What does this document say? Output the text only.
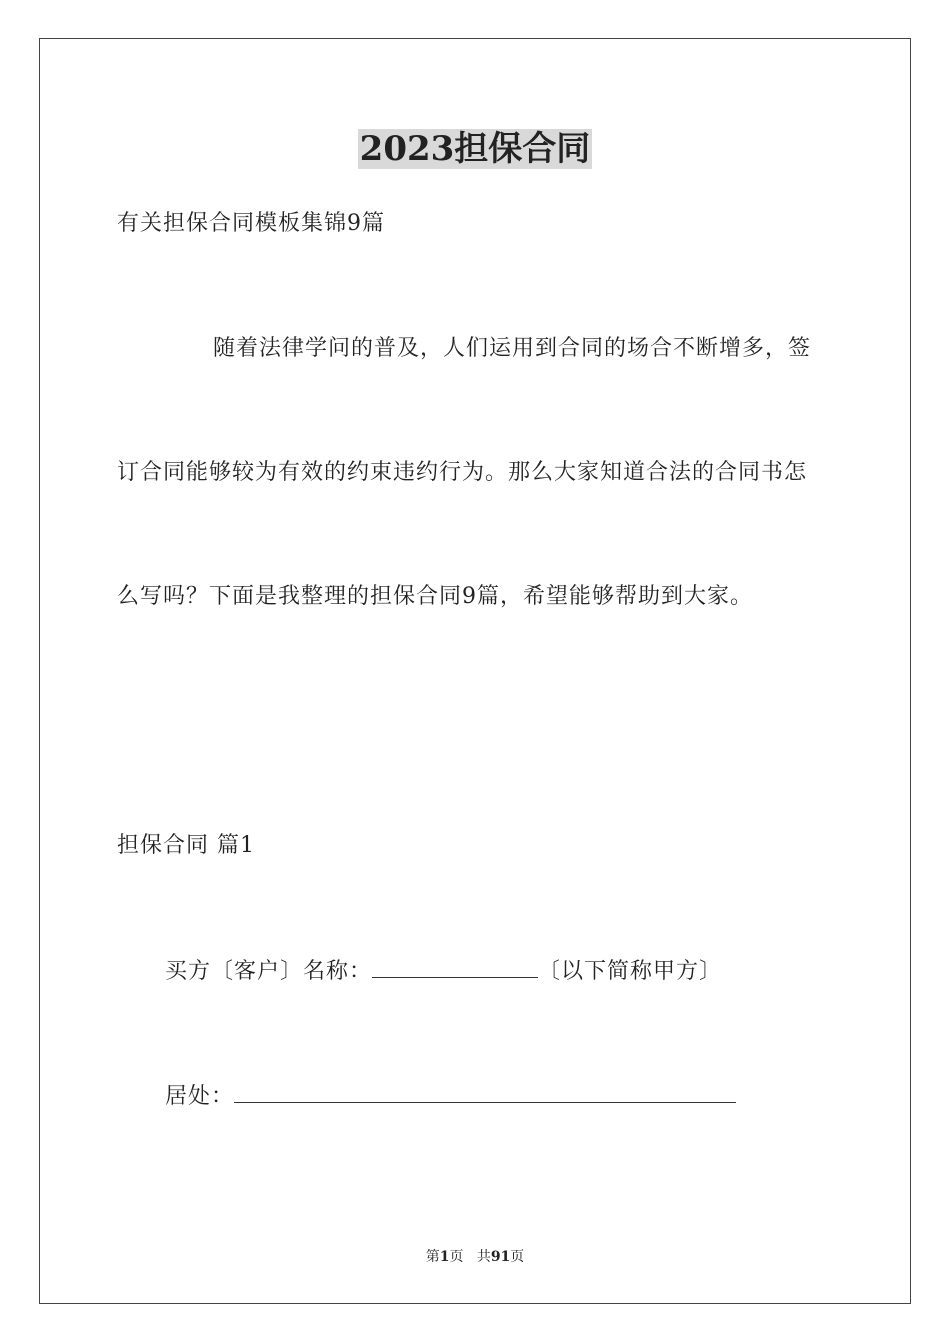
2023担保合同
有关担保合同模板集锦9篇
随着法律学问的普及，人们运用到合同的场合不断增多，签
订合同能够较为有效的约束违约行为。那么大家知道合法的合同书怎
么写吗？下面是我整理的担保合同9篇，希望能够帮助到大家。
担保合同 篇1
买方〔客户〕名称：	〔以下简称甲方〕
居处：
第1页 共91页
